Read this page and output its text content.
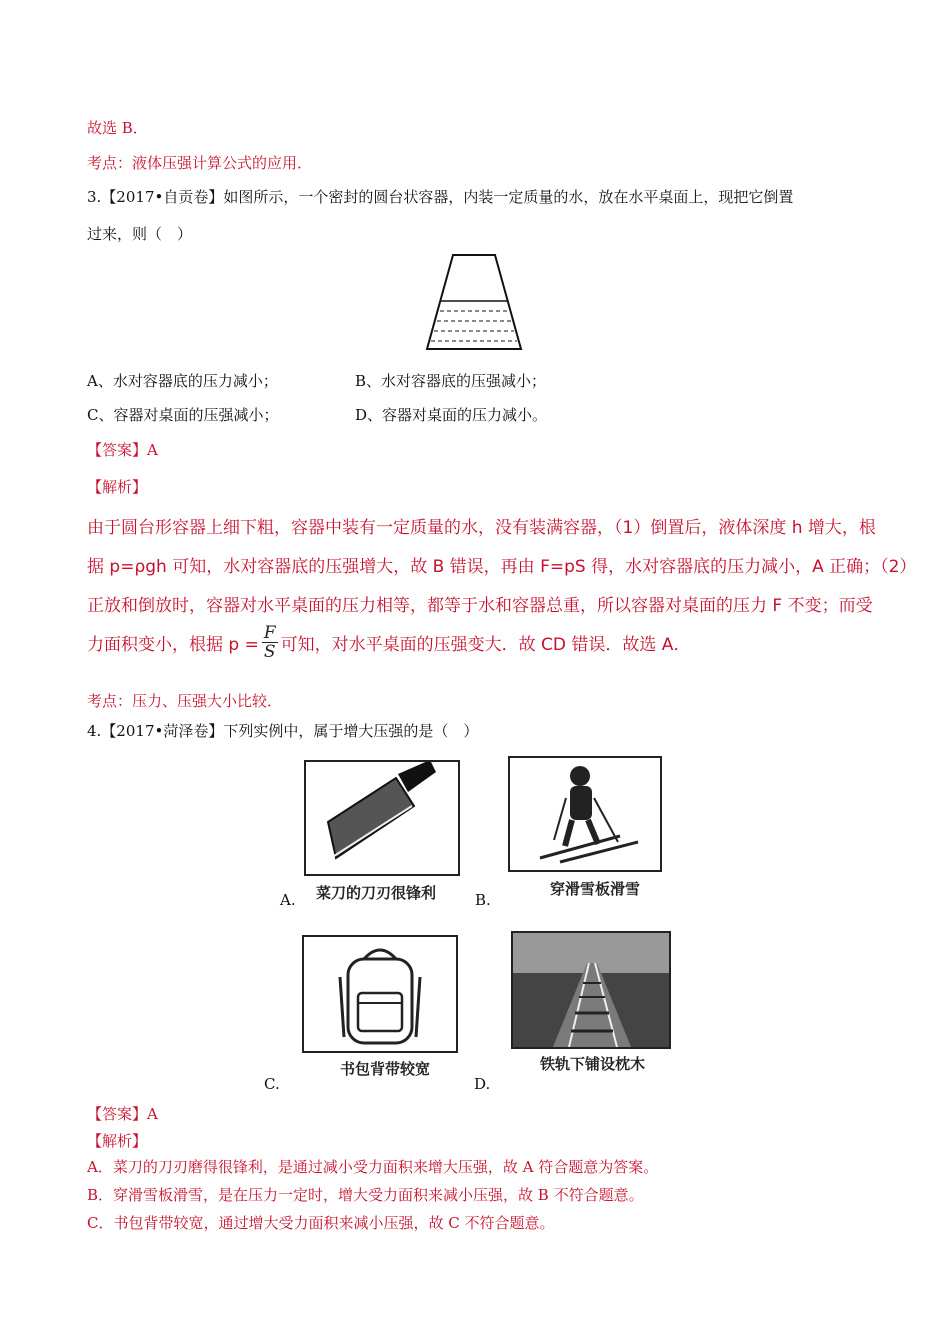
故选 B．
考点：液体压强计算公式的应用．
3.【2017•自贡卷】如图所示，一个密封的圆台状容器，内装一定质量的水，放在水平桌面上，现把它倒置
过来，则（　）
A、水对容器底的压力减小；	B、水对容器底的压强减小；
C、容器对桌面的压强减小；	D、容器对桌面的压力减小。
【答案】A
【解析】
由于圆台形容器上细下粗，容器中装有一定质量的水，没有装满容器，（1）倒置后，液体深度 h 增大，根
据 p=ρgh 可知，水对容器底的压强增大，故 B 错误，再由 F=pS 得，水对容器底的压力减小，A 正确；（2）
正放和倒放时，容器对水平桌面的压力相等，都等于水和容器总重，所以容器对桌面的压力 F 不变；而受
力面积变小，根据 $p = \frac{F}{S}$ 可知，对水平桌面的压强变大．故 CD 错误．故选 A．
考点：压力、压强大小比较．
4.【2017•菏泽卷】下列实例中，属于增大压强的是（　）
A. 菜刀的刀刃很锋利	B.
穿滑雪板滑雪
C.
书包背带较宽
D.
铁轨下铺设枕木
【答案】A
【解析】
A．菜刀的刀刃磨得很锋利，是通过减小受力面积来增大压强，故 A 符合题意为答案。
B．穿滑雪板滑雪，是在压力一定时，增大受力面积来减小压强，故 B 不符合题意。
C．书包背带较宽，通过增大受力面积来减小压强，故 C 不符合题意。
